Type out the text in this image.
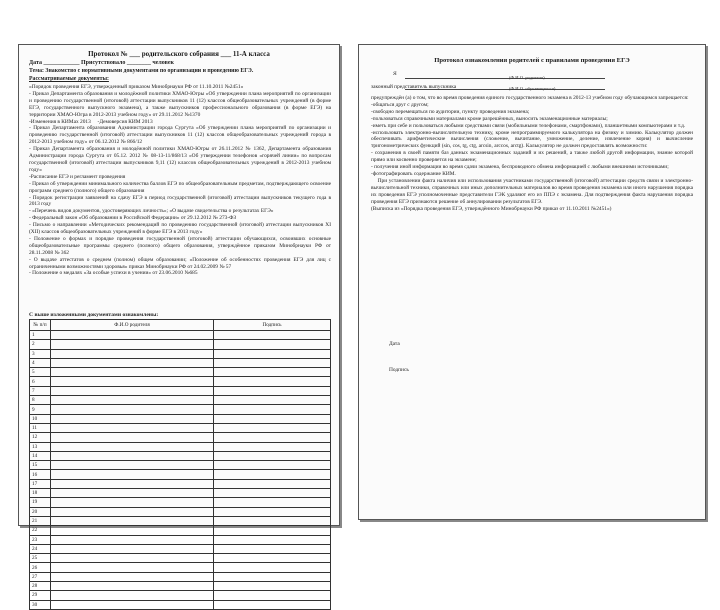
Протокол № ___ родительского собрания ___ 11-А класса
Дата ____________ Присутствовало ________ человек
Тема: Знакомство с нормативными документами по организации и проведению ЕГЭ.
Рассматриваемые документы:
«Порядок проведения ЕГЭ, утвержденный приказом Минобрнауки РФ от 11.10.2011 №2451»
- Приказ Департамента образования и молодёжной политики ХМАО-Югры «Об утверждении плана мероприятий по организации и проведению государственной (итоговой) аттестации выпускников 11 (12) классов общеобразовательных учреждений (в форме ЕГЭ, государственного выпускного экзамена), а также выпускников профессионального образования (в форме ЕГЭ) на территории ХМАО-Югра в 2012-2013 учебном году» от 29.11.2012 №1370
-Изменения в КИМах 2013     -Демоверсия КИМ 2013
- Приказ Департамента образования Администрации города Сургута «Об утверждении плана мероприятий по организации и проведению государственной (итоговой) аттестации выпускников 11 (12) классов общеобразовательных учреждений города в 2012-2013 учебном году» от 06.12.2012 № 866/12
- Приказ Департамента образования и молодёжной политики ХМАО-Югры от 26.11.2012 № 1362, Департамента образования Администрации города Сургута от 05.12. 2012 № 08-13-11/868/13 «Об утверждении телефонов «горячей линии» по вопросам государственной (итоговой) аттестации выпускников 9,11 (12) классов общеобразовательных учреждений в 2012-2013 учебном году»
-Расписание ЕГЭ и регламент проведения
- Приказ об утверждении минимального количества баллов ЕГЭ по общеобразовательным предметам, подтверждающего освоение программ среднего (полного) общего образования
- Порядок регистрации заявлений на сдачу ЕГЭ в период государственной (итоговой) аттестации выпускников текущего года в 2013 году
- «Перечень видов документов, удостоверяющих личность»; «О выдаче свидетельства о результатах ЕГЭ»
- Федеральный закон «Об образовании в Российской Федерации» от 29.12.2012 № 273-ФЗ
- Письмо о направлении «Методических рекомендаций по проведению государственной (итоговой) аттестации выпускников XI (XII) классов общеобразовательных учреждений в форме ЕГЭ в 2013 году»
- Положение о формах и порядке проведения государственной (итоговой) аттестации обучающихся, освоивших основные общеобразовательные программы среднего (полного) общего образования, утверждённое приказом Минобрнауки РФ от 28.11.2008 № 362
- О выдаче аттестатов о среднем (полном) общем образовании; «Положение об особенностях проведения ЕГЭ для лиц с ограниченными возможностями здоровья» приказ Минобрнауки РФ от 24.02.2009 № 57
- Положение о медалях «За особые успехи в учении» от 23.06.2010 №685
С выше изложенными документами ознакомлены:
№ п/п	Ф.И.О родителя	Подпись
1		
2		
3		
4		
5		
6		
7		
8		
9		
10		
11		
12		
13		
14		
15		
16		
17		
18		
19		
20		
21		
22		
23		
24		
25		
26		
27		
28		
29		
30		
Протокол ознакомления родителей с правилами проведения ЕГЭ
Я
(Ф.И.О. родителя)
(Ф.И.О. обучающегося)
законный представитель выпускника
предупреждён (а) о том, что во время проведения единого государственного экзамена в 2012-13 учебном году обучающимся запрещается:
-общаться друг с другом;
-свободно перемещаться по аудитории, пункту проведения экзамена;
-пользоваться справочными материалами кроме разрешённых, выносить экзаменационные материалы;
-иметь при себе и пользоваться любыми средствами связи (мобильными телефонами, смартфонами), планшетными компьютерами и т.д.
-использовать электронно-вычислительную технику, кроме непрограммируемого калькулятора на физику и химию. Калькулятор должен обеспечивать арифметические вычисления (сложение, вычитание, умножение, деление, извлечение корня) и вычисление тригонометрических функций (sin, cos, tg, ctg, arcsin, arccos, arctg). Калькулятор не должен предоставлять возможности:
- сохранения в своей памяти баз данных экзаменационных заданий и их решений, а также любой другой информации, знание которой прямо или косвенно проверяется на экзамене;
- получения иной информации во время сдачи экзамена, беспроводного обмена информацией с любыми внешними источниками;
-фотографировать содержание КИМ.
При установлении факта наличия или использования участниками государственной (итоговой) аттестации средств связи и электронно-вычислительной техники, справочных или иных дополнительных материалов во время проведения экзамена или иного нарушения порядка их проведения ЕГЭ уполномоченные представители ГЭК удаляют его из ППЭ с экзамена. Для подтверждения факта нарушения порядка проведения ЕГЭ признаются решение об аннулировании результатов ЕГЭ.
(Выписка из «Порядка проведения ЕГЭ, утверждённого Минобрнауки РФ приказ от 11.10.2011 №2451»)
Дата
Подпись
